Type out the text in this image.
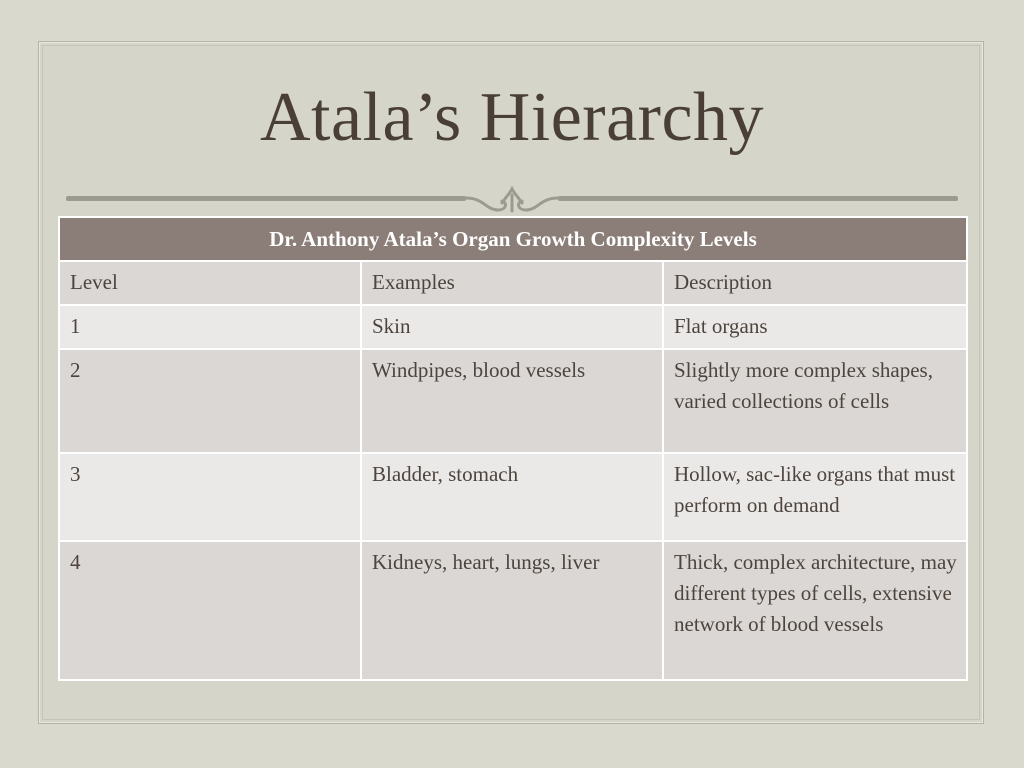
Atala’s Hierarchy
Dr. Anthony Atala’s Organ Growth Complexity Levels		
Level	Examples	Description
1	Skin	Flat organs
2	Windpipes, blood vessels	Slightly more complex shapes, varied collections of cells
3	Bladder, stomach	Hollow, sac-like organs that must perform on demand
4	Kidneys, heart, lungs, liver	Thick, complex architecture, may different types of cells, extensive network of blood vessels
